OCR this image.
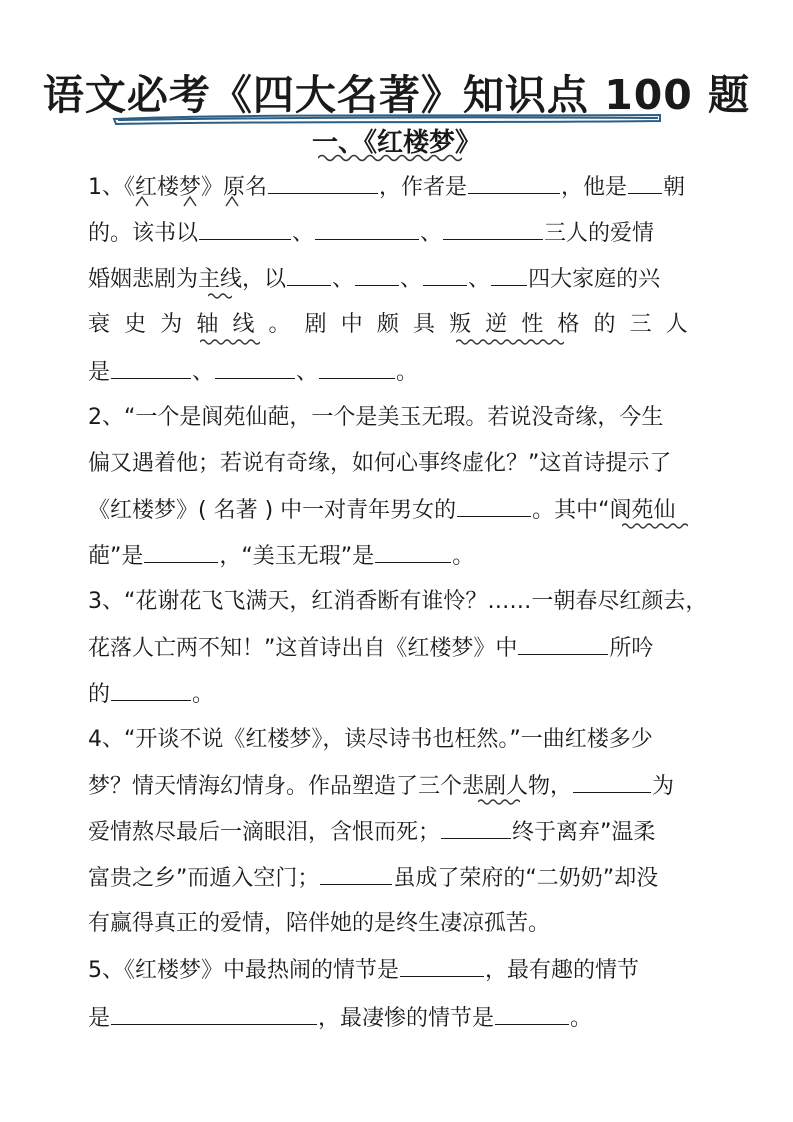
语文必考《四大名著》知识点 100 题
一、《红楼梦》
1、《红楼梦》原名	，作者是	，他是 朝
的。该书以	、	、	三人的爱情
婚姻悲剧为主线，以 、 、 、 四大家庭的兴
衰 史 为 轴 线 。 剧 中 颇 具 叛 逆 性 格 的 三 人
是	、	、	。
2、“一个是阆苑仙葩，一个是美玉无瑕。若说没奇缘，今生
偏又遇着他；若说有奇缘，如何心事终虚化？”这首诗提示了
《红楼梦》( 名著 ) 中一对青年男女的	。其中“阆苑仙
葩”是	，“美玉无瑕”是	。
3、“花谢花飞飞满天，红消香断有谁怜？……一朝春尽红颜去，
花落人亡两不知！”这首诗出自《红楼梦》中	所吟
的	。
4、“开谈不说《红楼梦》，读尽诗书也枉然。”一曲红楼多少
梦？情天情海幻情身。作品塑造了三个悲剧人物，	为
爱情熬尽最后一滴眼泪，含恨而死；	终于离弃”温柔
富贵之乡”而遁入空门；	虽成了荣府的“二奶奶”却没
有赢得真正的爱情，陪伴她的是终生凄凉孤苦。
5、《红楼梦》中最热闹的情节是	，最有趣的情节
是	，最凄惨的情节是	。
